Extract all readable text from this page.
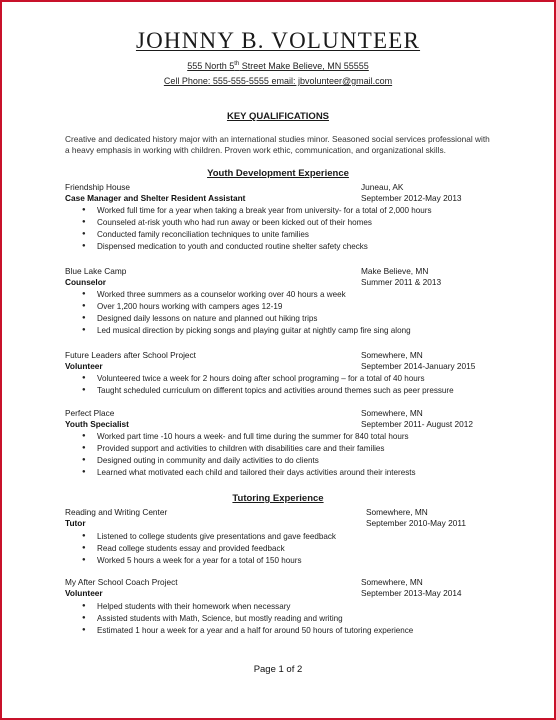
JOHNNY B. VOLUNTEER
555 North 5th Street Make Believe, MN 55555
Cell Phone: 555-555-5555 email: jbvolunteer@gmail.com
KEY QUALIFICATIONS
Creative and dedicated history major with an international studies minor. Seasoned social services professional with
a heavy emphasis in working with children. Proven work ethic, communication, and organizational skills.
Youth Development Experience
Friendship House	Juneau, AK
Case Manager and Shelter Resident Assistant	September 2012-May 2013
● Worked full time for a year when taking a break year from university- for a total of 2,000 hours
● Counseled at-risk youth who had run away or been kicked out of their homes
● Conducted family reconciliation techniques to unite families
● Dispensed medication to youth and conducted routine shelter safety checks
Blue Lake Camp	Make Believe, MN
Counselor	Summer 2011 & 2013
● Worked three summers as a counselor working over 40 hours a week
● Over 1,200 hours working with campers ages 12-19
● Designed daily lessons on nature and planned out hiking trips
● Led musical direction by picking songs and playing guitar at nightly camp fire sing along
Future Leaders after School Project	Somewhere, MN
Volunteer	September 2014-January 2015
● Volunteered twice a week for 2 hours doing after school programing – for a total of 40 hours
● Taught scheduled curriculum on different topics and activities around themes such as peer pressure
Perfect Place	Somewhere, MN
Youth Specialist	September 2011- August 2012
● Worked part time -10 hours a week- and full time during the summer for 840 total hours
● Provided support and activities to children with disabilities care and their families
● Designed outing in community and daily activities to do clients
● Learned what motivated each child and tailored their days activities around their interests
Tutoring Experience
Reading and Writing Center	Somewhere, MN
Tutor	September 2010-May 2011
● Listened to college students give presentations and gave feedback
● Read college students essay and provided feedback
● Worked 5 hours a week for a year for a total of 150 hours
My After School Coach Project	Somewhere, MN
Volunteer	September 2013-May 2014
● Helped students with their homework when necessary
● Assisted students with Math, Science, but mostly reading and writing
● Estimated 1 hour a week for a year and a half for around 50 hours of tutoring experience
Page 1 of 2
